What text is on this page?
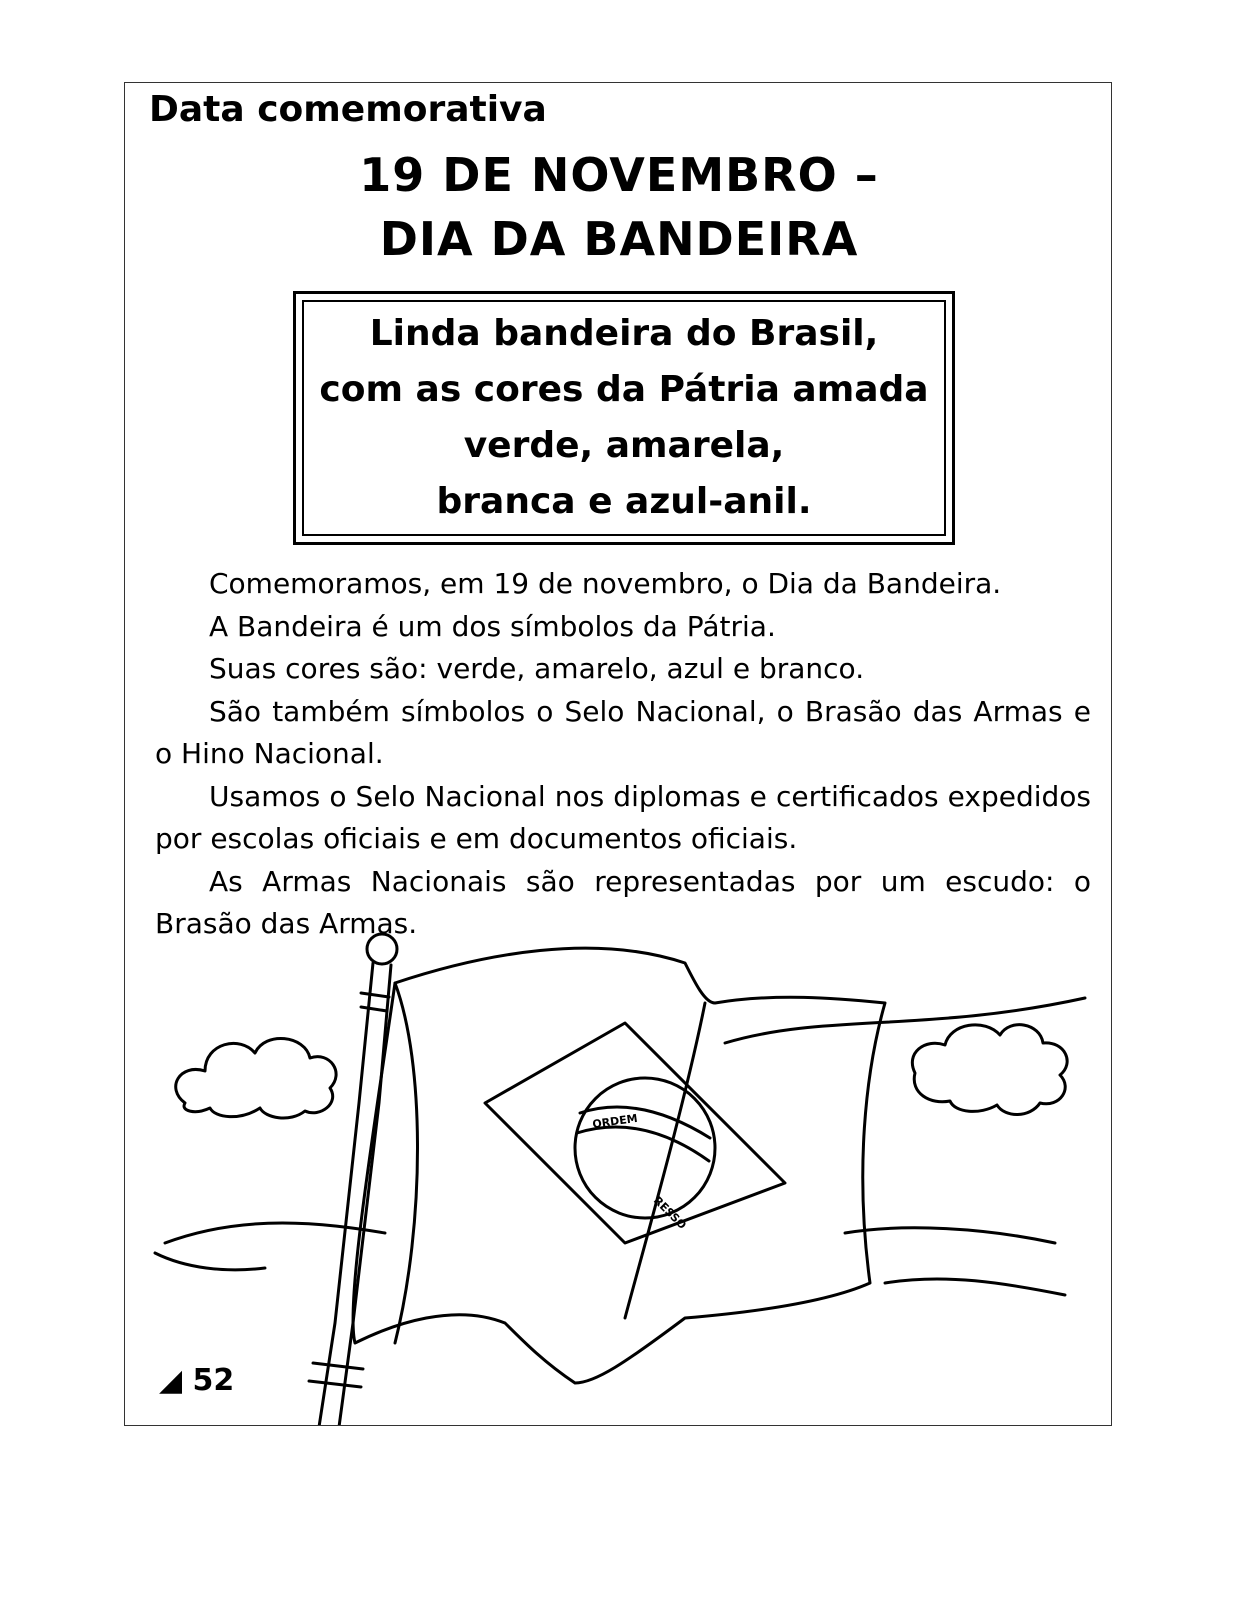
Data comemorativa
19 DE NOVEMBRO –
DIA DA BANDEIRA
Linda bandeira do Brasil,
com as cores da Pátria amada
verde, amarela,
branca e azul-anil.

Comemoramos, em 19 de novembro, o Dia da Bandeira.

A Bandeira é um dos símbolos da Pátria.

Suas cores são: verde, amarelo, azul e branco.

São também símbolos o Selo Nacional, o Brasão das Armas e o Hino Nacional.

Usamos o Selo Nacional nos diplomas e certificados expedidos por escolas oficiais e em documentos oficiais.

As Armas Nacionais são representadas por um escudo: o Brasão das Armas.

ORDEM
RESSO
◢ 52
